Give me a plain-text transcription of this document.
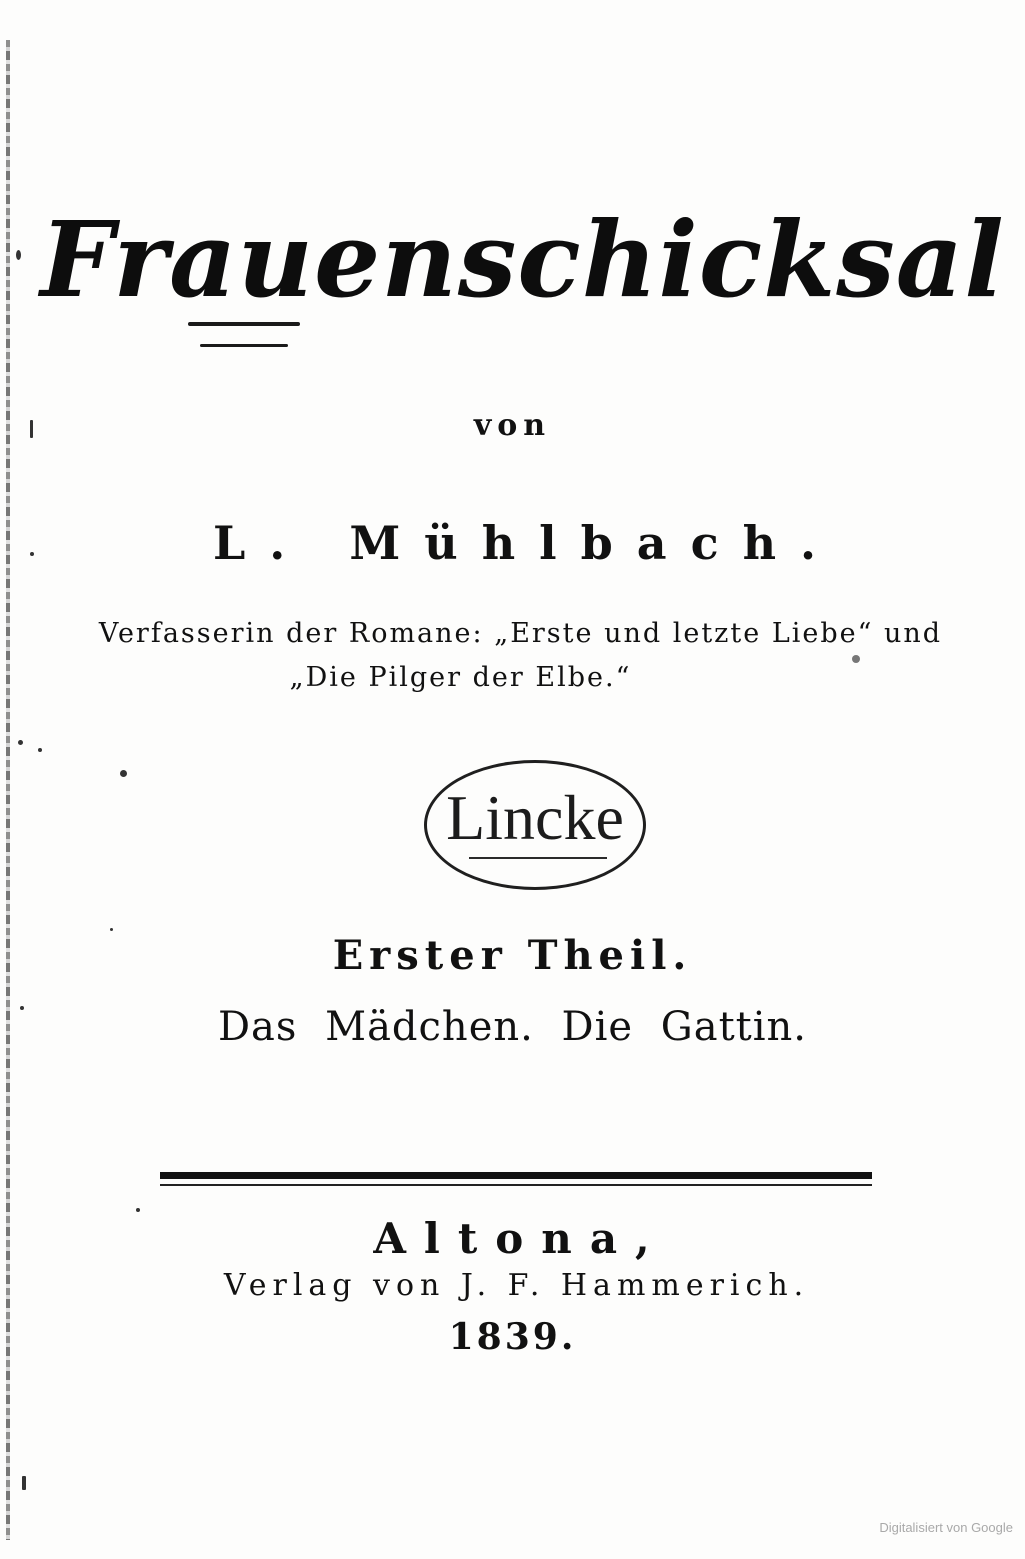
Frauenschicksal
von
L. Mühlbach.
Verfasserin der Romane: „Erste und letzte Liebe“ und
„Die Pilger der Elbe.“
Lincke
Erster Theil.
Das Mädchen. Die Gattin.
Altona,
Verlag von J. F. Hammerich.
1839.
Digitalisiert von Google
